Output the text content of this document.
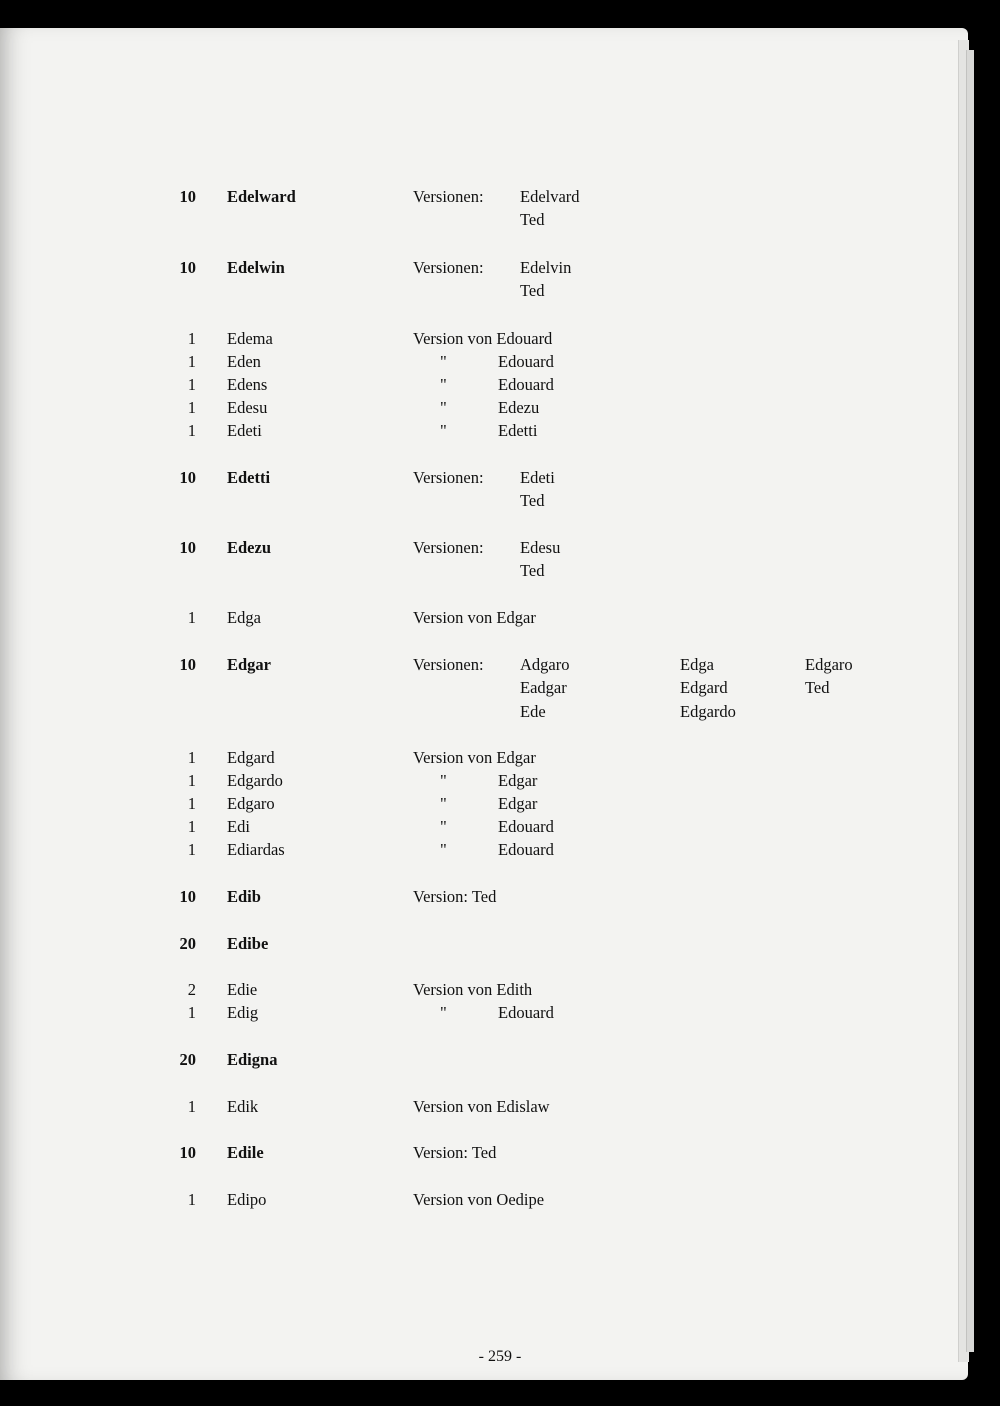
10 Edelward	Versionen: Edelvard
Ted
10 Edelwin	Versionen: Edelvin
Ted
1 Edema	Version von Edouard
1 Eden	"	Edouard
1 Edens	"	Edouard
1 Edesu	"	Edezu
1 Edeti	"	Edetti
10 Edetti	Versionen: Edeti
Ted
10 Edezu	Versionen: Edesu
Ted
1 Edga	Version von Edgar
10 Edgar	Versionen: Adgaro	Edga	Edgaro
Eadgar	Edgard	Ted
Ede	Edgardo
1 Edgard	Version von Edgar
1 Edgardo	"	Edgar
1 Edgaro	"	Edgar
1 Edi	"	Edouard
1 Ediardas	"	Edouard
10 Edib	Version: Ted
20 Edibe
2 Edie	Version von Edith
1 Edig	"	Edouard
20 Edigna
1 Edik	Version von Edislaw
10 Edile	Version: Ted
1 Edipo	Version von Oedipe
- 259 -
